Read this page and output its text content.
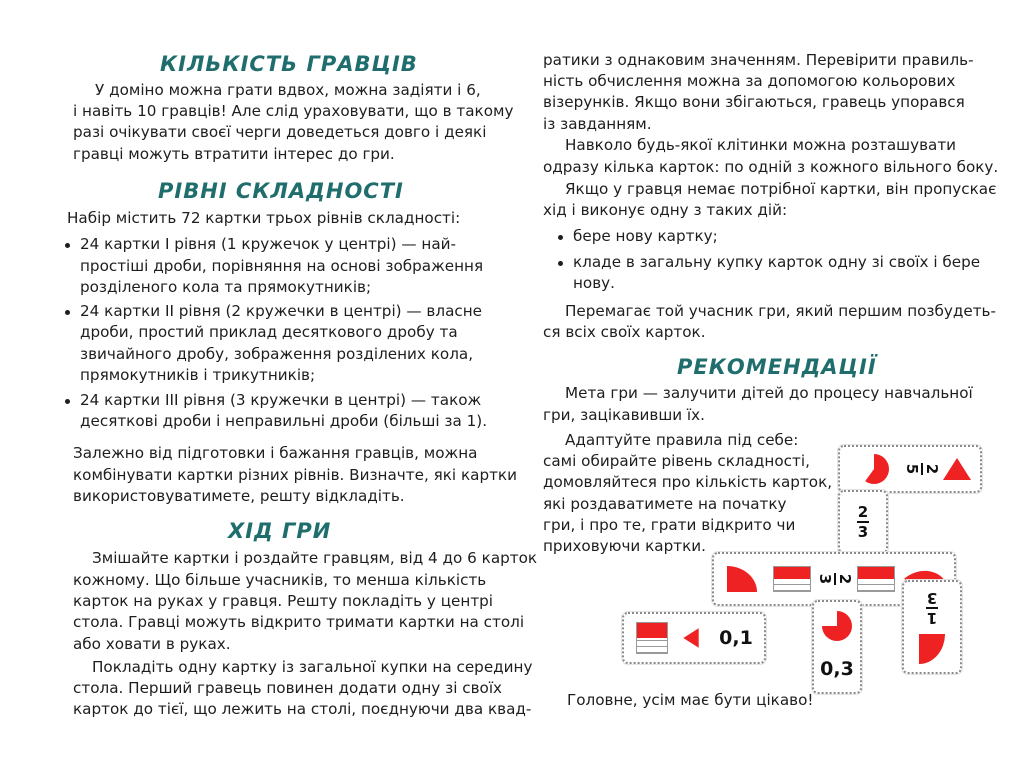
КІЛЬКІСТЬ ГРАВЦІВ

У доміно можна грати вдвох, можна задіяти і 6,

і навіть 10 гравців! Але слід ураховувати, що в такому

разі очікувати своєї черги доведеться довго і деякі

гравці можуть втратити інтерес до гри.

РІВНІ СКЛАДНОСТІ

Набір містить 72 картки трьох рівнів складності:

24 картки I рівня (1 кружечок у центрі) — най-

простіші дроби, порівняння на основі зображення

розділеного кола та прямокутників;

24 картки II рівня (2 кружечки в центрі) — власне

дроби, простий приклад десяткового дробу та

звичайного дробу, зображення розділених кола,

прямокутників і трикутників;

24 картки III рівня (3 кружечки в центрі) — також

десяткові дроби і неправильні дроби (більші за 1).

Залежно від підготовки і бажання гравців, можна

комбінувати картки різних рівнів. Визначте, які картки

використовуватимете, решту відкладіть.

ХІД ГРИ

Змішайте картки і роздайте гравцям, від 4 до 6 карток

кожному. Що більше учасників, то менша кількість

карток на руках у гравця. Решту покладіть у центрі

стола. Гравці можуть відкрито тримати картки на столі

або ховати в руках.

Покладіть одну картку із загальної купки на середину

стола. Перший гравець повинен додати одну зі своїх

карток до тієї, що лежить на столі, поєднуючи два квад-

ратики з однаковим значенням. Перевірити правиль-

ність обчислення можна за допомогою кольорових

візерунків. Якщо вони збігаються, гравець упорався

із завданням.

Навколо будь-якої клітинки можна розташувати

одразу кілька карток: по одній з кожного вільного боку.

Якщо у гравця немає потрібної картки, він пропускає

хід і виконує одну з таких дій:

бере нову картку;

кладе в загальну купку карток одну зі своїх і бере

нову.

Перемагає той учасник гри, який першим позбудеть-

ся всіх своїх карток.

РЕКОМЕНДАЦІЇ

Мета гри — залучити дітей до процесу навчальної

гри, зацікавивши їх.

Адаптуйте правила під себе:

самі обирайте рівень складності,

домовляйтеся про кількість карток,

які роздаватимете на початку

гри, і про те, грати відкрито чи

приховуючи картки.

Головне, усім має бути цікаво!

2
5
$\frac{2}{3}$
2
3
0,1
0,3
1
3
